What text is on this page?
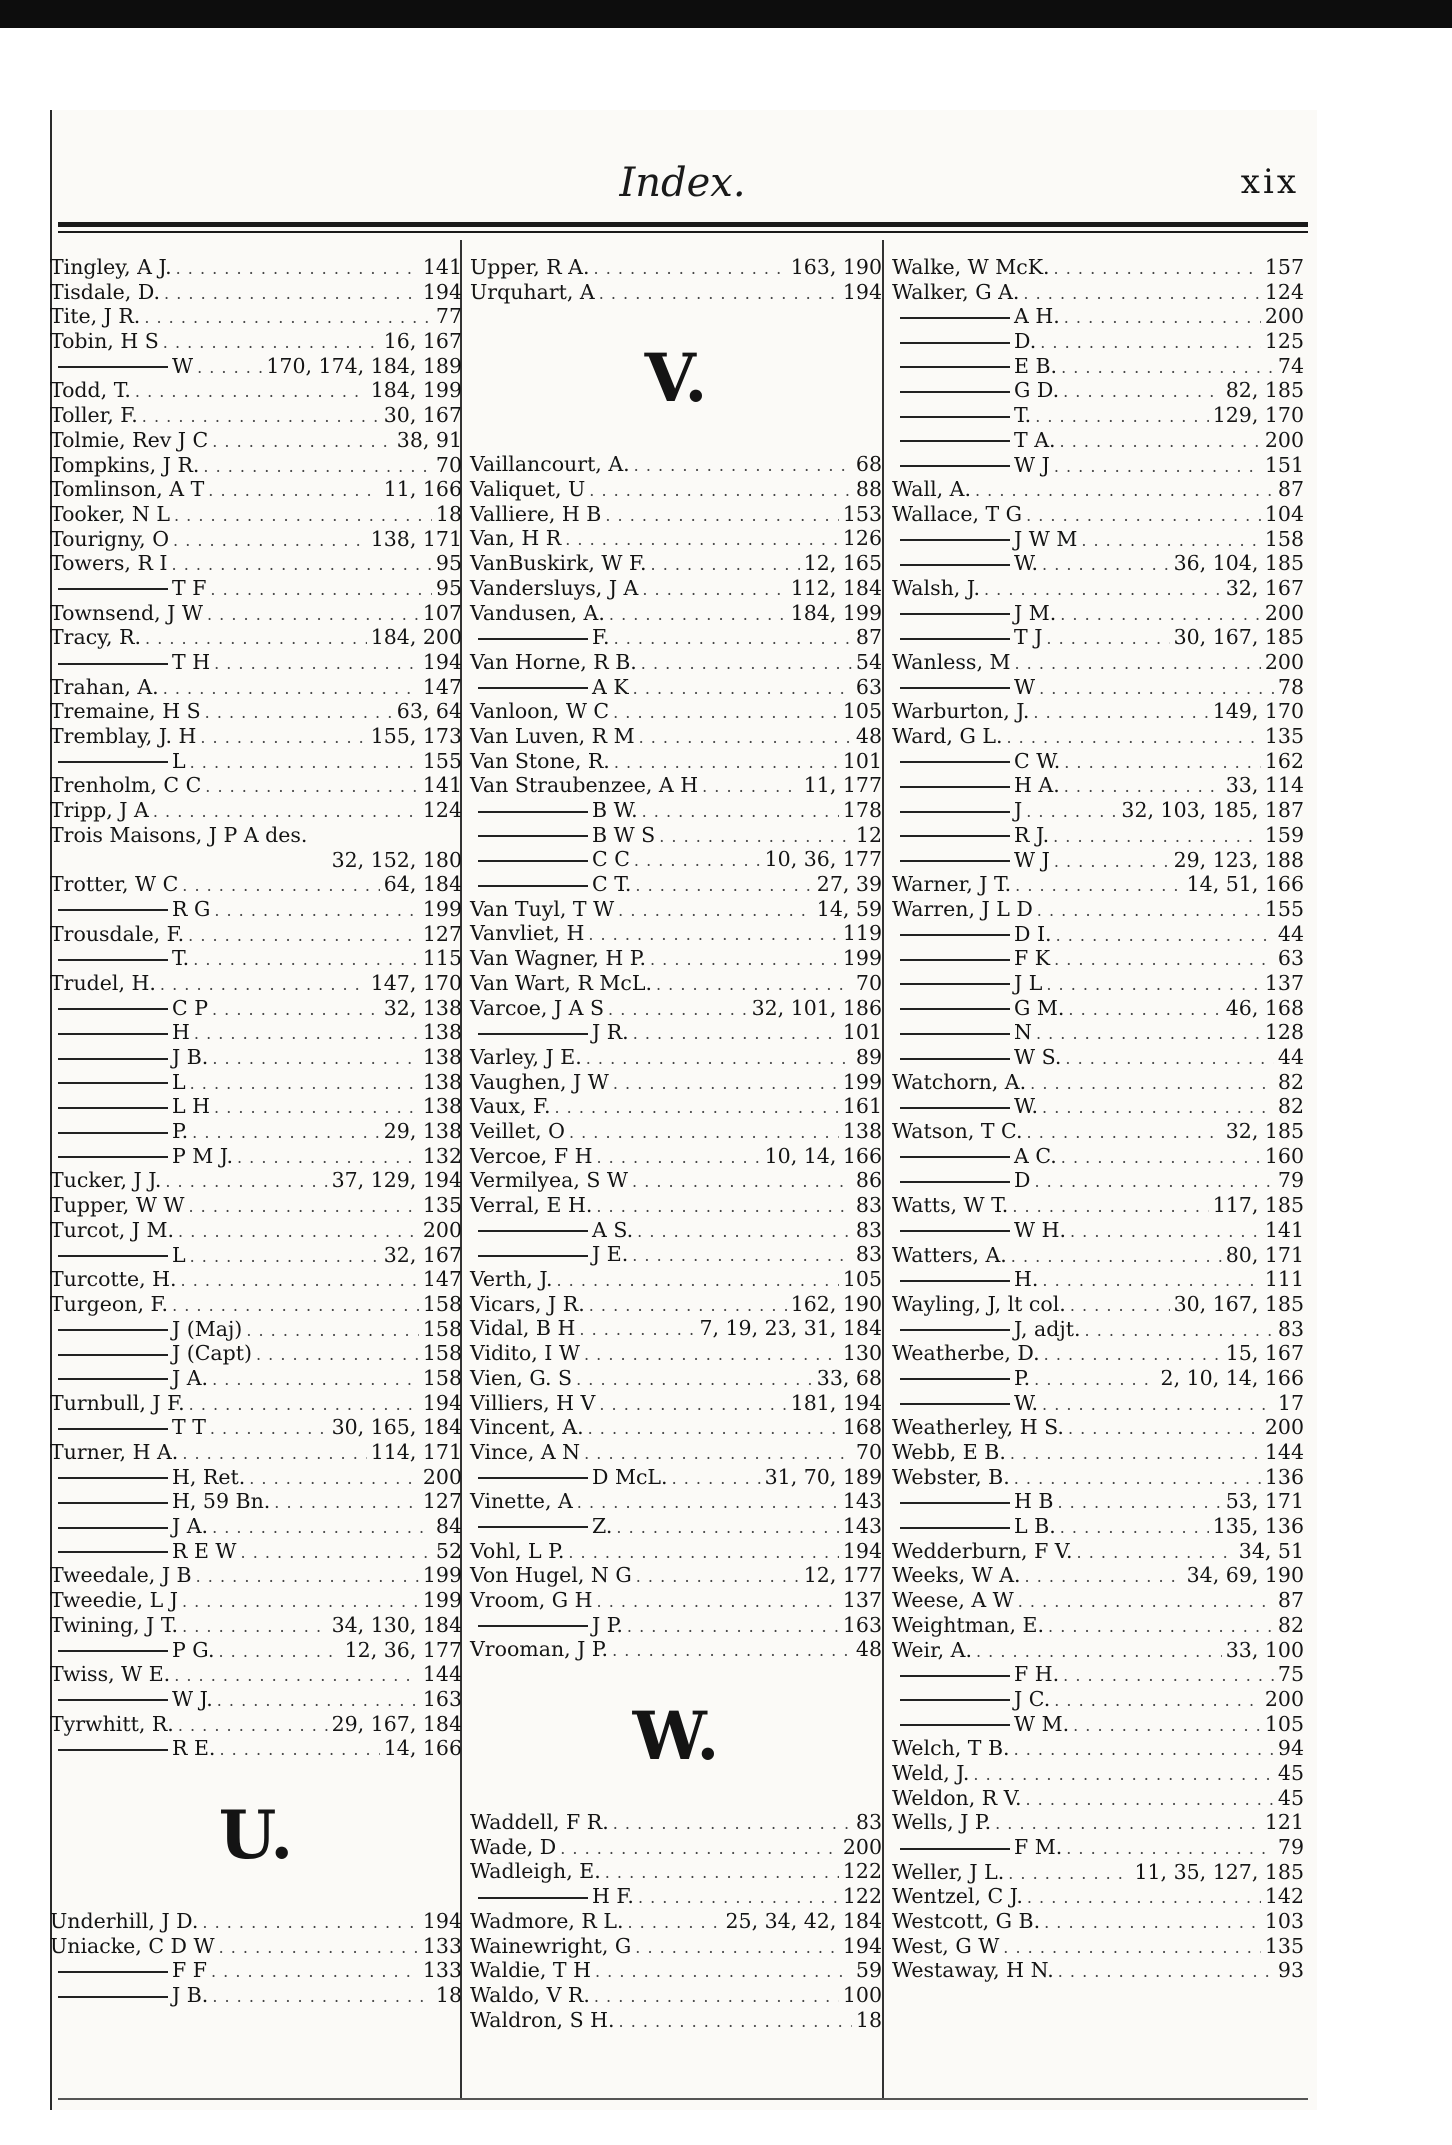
Index.	xix
Tingley, A J. . . .	141
Tisdale, D. . . .	194
Tite, J R. . . .	77
Tobin, H S . . .	16, 167
W . . .	170, 174, 184, 189
Todd, T. . . .	184, 199
Toller, F. . . .	30, 167
Tolmie, Rev J C . . .	38, 91
Tompkins, J R. . . .	70
Tomlinson, A T . . .	11, 166
Tooker, N L . . .	18
Tourigny, O . . .	138, 171
Towers, R I . . .	95
T F . . .	95
Townsend, J W . . .	107
Tracy, R. . . .	184, 200
T H . . .	194
Trahan, A. . . .	147
Tremaine, H S . . .	63, 64
Tremblay, J. H . . .	155, 173
L . . .	155
Trenholm, C C . . .	141
Tripp, J A . . .	124
Trois Maisons, J P A des.
32, 152, 180
Trotter, W C . . .	64, 184
R G . . .	199
Trousdale, F. . . .	127
T. . . .	115
Trudel, H. . . .	147, 170
C P . . .	32, 138
H . . .	138
J B. . . .	138
L . . .	138
L H . . .	138
P. . . .	29, 138
P M J. . . .	132
Tucker, J J. . . .	37, 129, 194
Tupper, W W . . .	135
Turcot, J M. . . .	200
L . . .	32, 167
Turcotte, H. . . .	147
Turgeon, F. . . .	158
J (Maj) . . .	158
J (Capt) . . .	158
J A. . . .	158
Turnbull, J F. . . .	194
T T . . .	30, 165, 184
Turner, H A. . . .	114, 171
H, Ret. . . .	200
H, 59 Bn. . . .	127
J A. . . .	84
R E W . . .	52
Tweedale, J B . . .	199
Tweedie, L J . . .	199
Twining, J T. . . .	34, 130, 184
P G. . . .	12, 36, 177
Twiss, W E. . . .	144
W J. . . .	163
Tyrwhitt, R. . . .	29, 167, 184
R E. . . .	14, 166
U.
Underhill, J D. . . .	194
Uniacke, C D W . . .	133
F F . . .	133
J B. . . .	18
Upper, R A. . . .	163, 190
Urquhart, A . . .	194
V.
Vaillancourt, A. . . .	68
Valiquet, U . . .	88
Valliere, H B . . .	153
Van, H R . . .	126
VanBuskirk, W F. . . .	12, 165
Vandersluys, J A . . .	112, 184
Vandusen, A. . . .	184, 199
F. . . .	87
Van Horne, R B. . . .	54
A K . . .	63
Vanloon, W C . . .	105
Van Luven, R M . . .	48
Van Stone, R. . . .	101
Van Straubenzee, A H . . .	11, 177
B W. . . .	178
B W S . . .	12
C C . . .	10, 36, 177
C T. . . .	27, 39
Van Tuyl, T W . . .	14, 59
Vanvliet, H . . .	119
Van Wagner, H P. . . .	199
Van Wart, R McL. . . .	70
Varcoe, J A S . . .	32, 101, 186
J R. . . .	101
Varley, J E. . . .	89
Vaughen, J W . . .	199
Vaux, F. . . .	161
Veillet, O . . .	138
Vercoe, F H . . .	10, 14, 166
Vermilyea, S W . . .	86
Verral, E H. . . .	83
A S. . . .	83
J E. . . .	83
Verth, J. . . .	105
Vicars, J R. . . .	162, 190
Vidal, B H . . .	7, 19, 23, 31, 184
Vidito, I W . . .	130
Vien, G. S . . .	33, 68
Villiers, H V . . .	181, 194
Vincent, A. . . .	168
Vince, A N . . .	70
D McL. . . .	31, 70, 189
Vinette, A . . .	143
Z. . . .	143
Vohl, L P. . . .	194
Von Hugel, N G . . .	12, 177
Vroom, G H . . .	137
J P. . . .	163
Vrooman, J P. . . .	48
W.
Waddell, F R. . . .	83
Wade, D . . .	200
Wadleigh, E. . . .	122
H F. . . .	122
Wadmore, R L. . . .	25, 34, 42, 184
Wainewright, G . . .	194
Waldie, T H . . .	59
Waldo, V R. . . .	100
Waldron, S H. . . .	18
Walke, W McK. . . .	157
Walker, G A. . . .	124
A H. . . .	200
D. . . .	125
E B. . . .	74
G D. . . .	82, 185
T. . . .	129, 170
T A. . . .	200
W J . . .	151
Wall, A. . . .	87
Wallace, T G . . .	104
J W M . . .	158
W. . . .	36, 104, 185
Walsh, J. . . .	32, 167
J M. . . .	200
T J . . .	30, 167, 185
Wanless, M . . .	200
W . . .	78
Warburton, J. . . .	149, 170
Ward, G L. . . .	135
C W. . . .	162
H A. . . .	33, 114
J . . .	32, 103, 185, 187
R J. . . .	159
W J . . .	29, 123, 188
Warner, J T. . . .	14, 51, 166
Warren, J L D . . .	155
D I. . . .	44
F K . . .	63
J L . . .	137
G M. . . .	46, 168
N . . .	128
W S. . . .	44
Watchorn, A. . . .	82
W. . . .	82
Watson, T C. . . .	32, 185
A C. . . .	160
D . . .	79
Watts, W T. . . .	117, 185
W H. . . .	141
Watters, A. . . .	80, 171
H. . . .	111
Wayling, J, lt col. . . .	30, 167, 185
J, adjt. . . .	83
Weatherbe, D. . . .	15, 167
P. . . .	2, 10, 14, 166
W. . . .	17
Weatherley, H S. . . .	200
Webb, E B. . . .	144
Webster, B. . . .	136
H B . . .	53, 171
L B. . . .	135, 136
Wedderburn, F V. . . .	34, 51
Weeks, W A. . . .	34, 69, 190
Weese, A W . . .	87
Weightman, E. . . .	82
Weir, A. . . .	33, 100
F H. . . .	75
J C. . . .	200
W M. . . .	105
Welch, T B. . . .	94
Weld, J. . . .	45
Weldon, R V. . . .	45
Wells, J P. . . .	121
F M. . . .	79
Weller, J L. . . .	11, 35, 127, 185
Wentzel, C J. . . .	142
Westcott, G B. . . .	103
West, G W . . .	135
Westaway, H N. . . .	93
